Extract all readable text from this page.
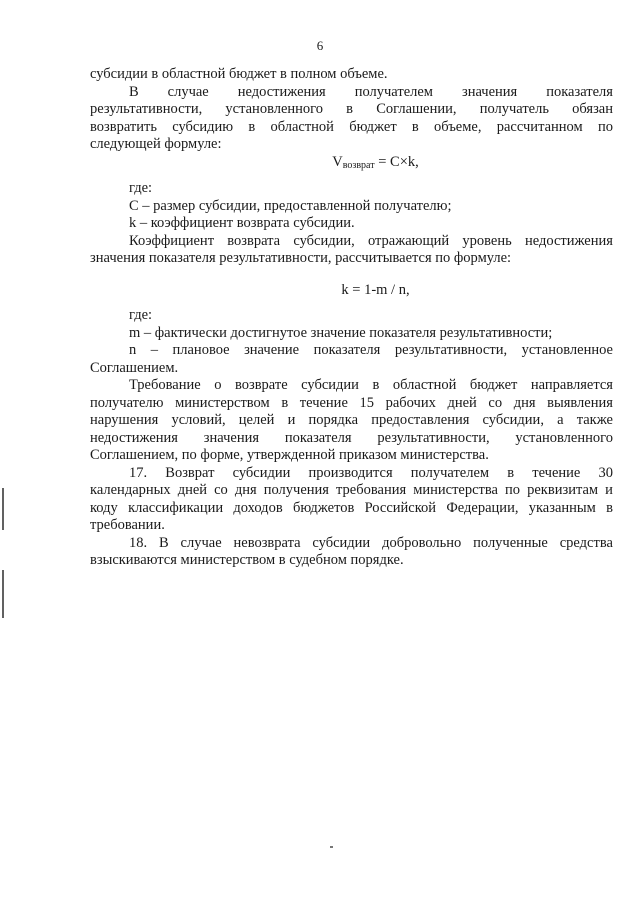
6
субсидии в областной бюджет в полном объеме.
В случае недостижения получателем значения показателя
результативности, установленного в Соглашении, получатель обязан
возвратить субсидию в областной бюджет в объеме, рассчитанном по
следующей формуле:
$V_{возврат} = C\times k$,
где:
С – размер субсидии, предоставленной получателю;
k – коэффициент возврата субсидии.
Коэффициент возврата субсидии, отражающий уровень недостижения
значения показателя результативности, рассчитывается по формуле:
k = 1-m / n,
где:
m – фактически достигнутое значение показателя результативности;
n – плановое значение показателя результативности, установленное
Соглашением.
Требование о возврате субсидии в областной бюджет направляется
получателю министерством в течение 15 рабочих дней со дня выявления
нарушения условий, целей и порядка предоставления субсидии, а также
недостижения значения показателя результативности, установленного
Соглашением, по форме, утвержденной приказом министерства.
17. Возврат субсидии производится получателем в течение 30
календарных дней со дня получения требования министерства по реквизитам и
коду классификации доходов бюджетов Российской Федерации, указанным в
требовании.
18. В случае невозврата субсидии добровольно полученные средства
взыскиваются министерством в судебном порядке.
